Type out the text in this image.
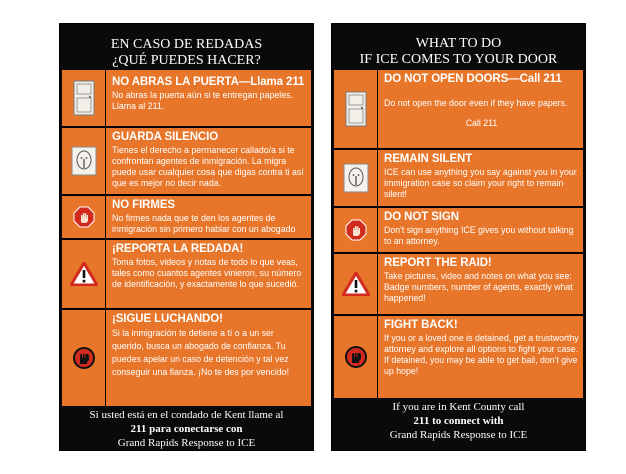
EN CASO DE REDADAS
¿QUÉ PUEDES HACER?
NO ABRAS LA PUERTA—Llama 211
No abras la puerta aún si te entregan papeles. Llama al 211.
GUARDA SILENCIO
Tienes el derecho a permanecer callado/a si te confrontan agentes de inmigración. La migra puede usar cualquier cosa que digas contra ti así que es mejor no decir nada.
NO FIRMES
No firmes nada que te den los agentes de inmigración sin primero hablar con un abogado
¡REPORTA LA REDADA!
Toma fotos, videos y notas de todo lo que veas, tales como cuantos agentes vinieron, su número de identificación, y exactamente lo que sucedió.
¡SIGUE LUCHANDO!
Si la inmigración te detiene a tí o a un ser querido, busca un abogado de confianza. Tu puedes apelar un caso de detención y tal vez conseguir una fianza. ¡No te des por vencido!
Si usted está en el condado de Kent llame al
211 para conectarse con
Grand Rapids Response to ICE
WHAT TO DO
IF ICE COMES TO YOUR DOOR
DO NOT OPEN DOORS—Call 211
Do not open the door even if they have papers.
Call 211
REMAIN SILENT
ICE can use anything you say against you in your immigration case so claim your right to remain silent!
DO NOT SIGN
Don't sign anything ICE gives you without talking to an attorney.
REPORT THE RAID!
Take pictures, video and notes on what you see: Badge numbers, number of agents, exactly what happened!
FIGHT BACK!
If you or a loved one is detained, get a trustworthy attorney and explore all options to fight your case. If detained, you may be able to get bail, don't give up hope!
If you are in Kent County call
211 to connect with
Grand Rapids Response to ICE
